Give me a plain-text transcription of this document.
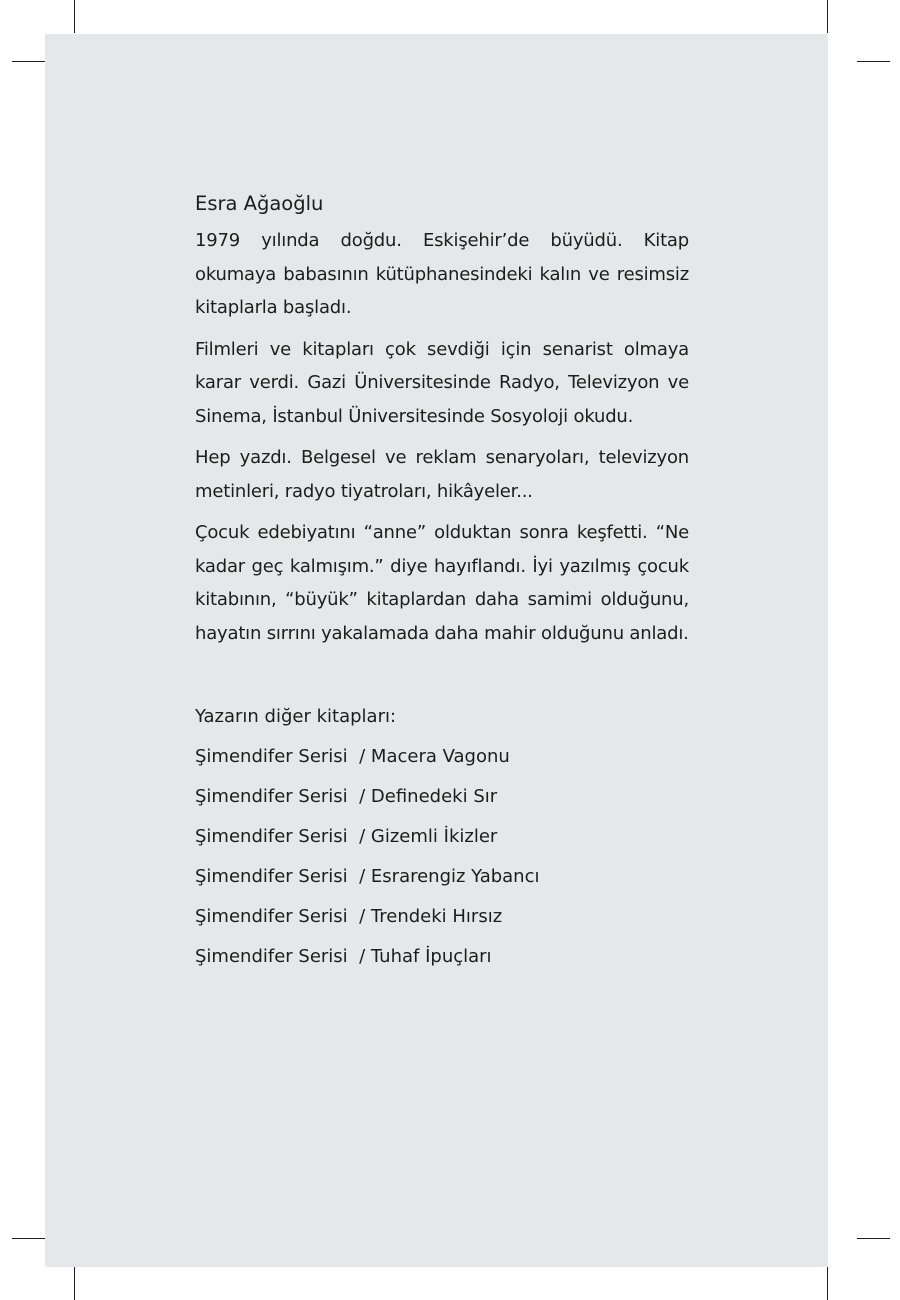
Esra Ağaoğlu

1979 yılında doğdu. Eskişehir’de büyüdü. Kitap okumaya babasının kütüphanesindeki kalın ve resimsiz kitaplarla başladı.

Filmleri ve kitapları çok sevdiği için senarist olmaya karar verdi. Gazi Üniversitesinde Radyo, Televizyon ve Sinema, İstanbul Üniversitesinde Sosyoloji okudu.

Hep yazdı. Belgesel ve reklam senaryoları, televizyon metinleri, radyo tiyatroları, hikâyeler...

Çocuk edebiyatını “anne” olduktan sonra keşfetti. “Ne kadar geç kalmışım.” diye hayıflandı. İyi yazılmış çocuk kitabının, “büyük” kitaplardan daha samimi olduğunu, hayatın sırrını yakalamada daha mahir olduğunu anladı.

Yazarın diğer kitapları:
Şimendifer Serisi  / Macera Vagonu
Şimendifer Serisi  / Definedeki Sır
Şimendifer Serisi  / Gizemli İkizler
Şimendifer Serisi  / Esrarengiz Yabancı
Şimendifer Serisi  / Trendeki Hırsız
Şimendifer Serisi  / Tuhaf İpuçları
